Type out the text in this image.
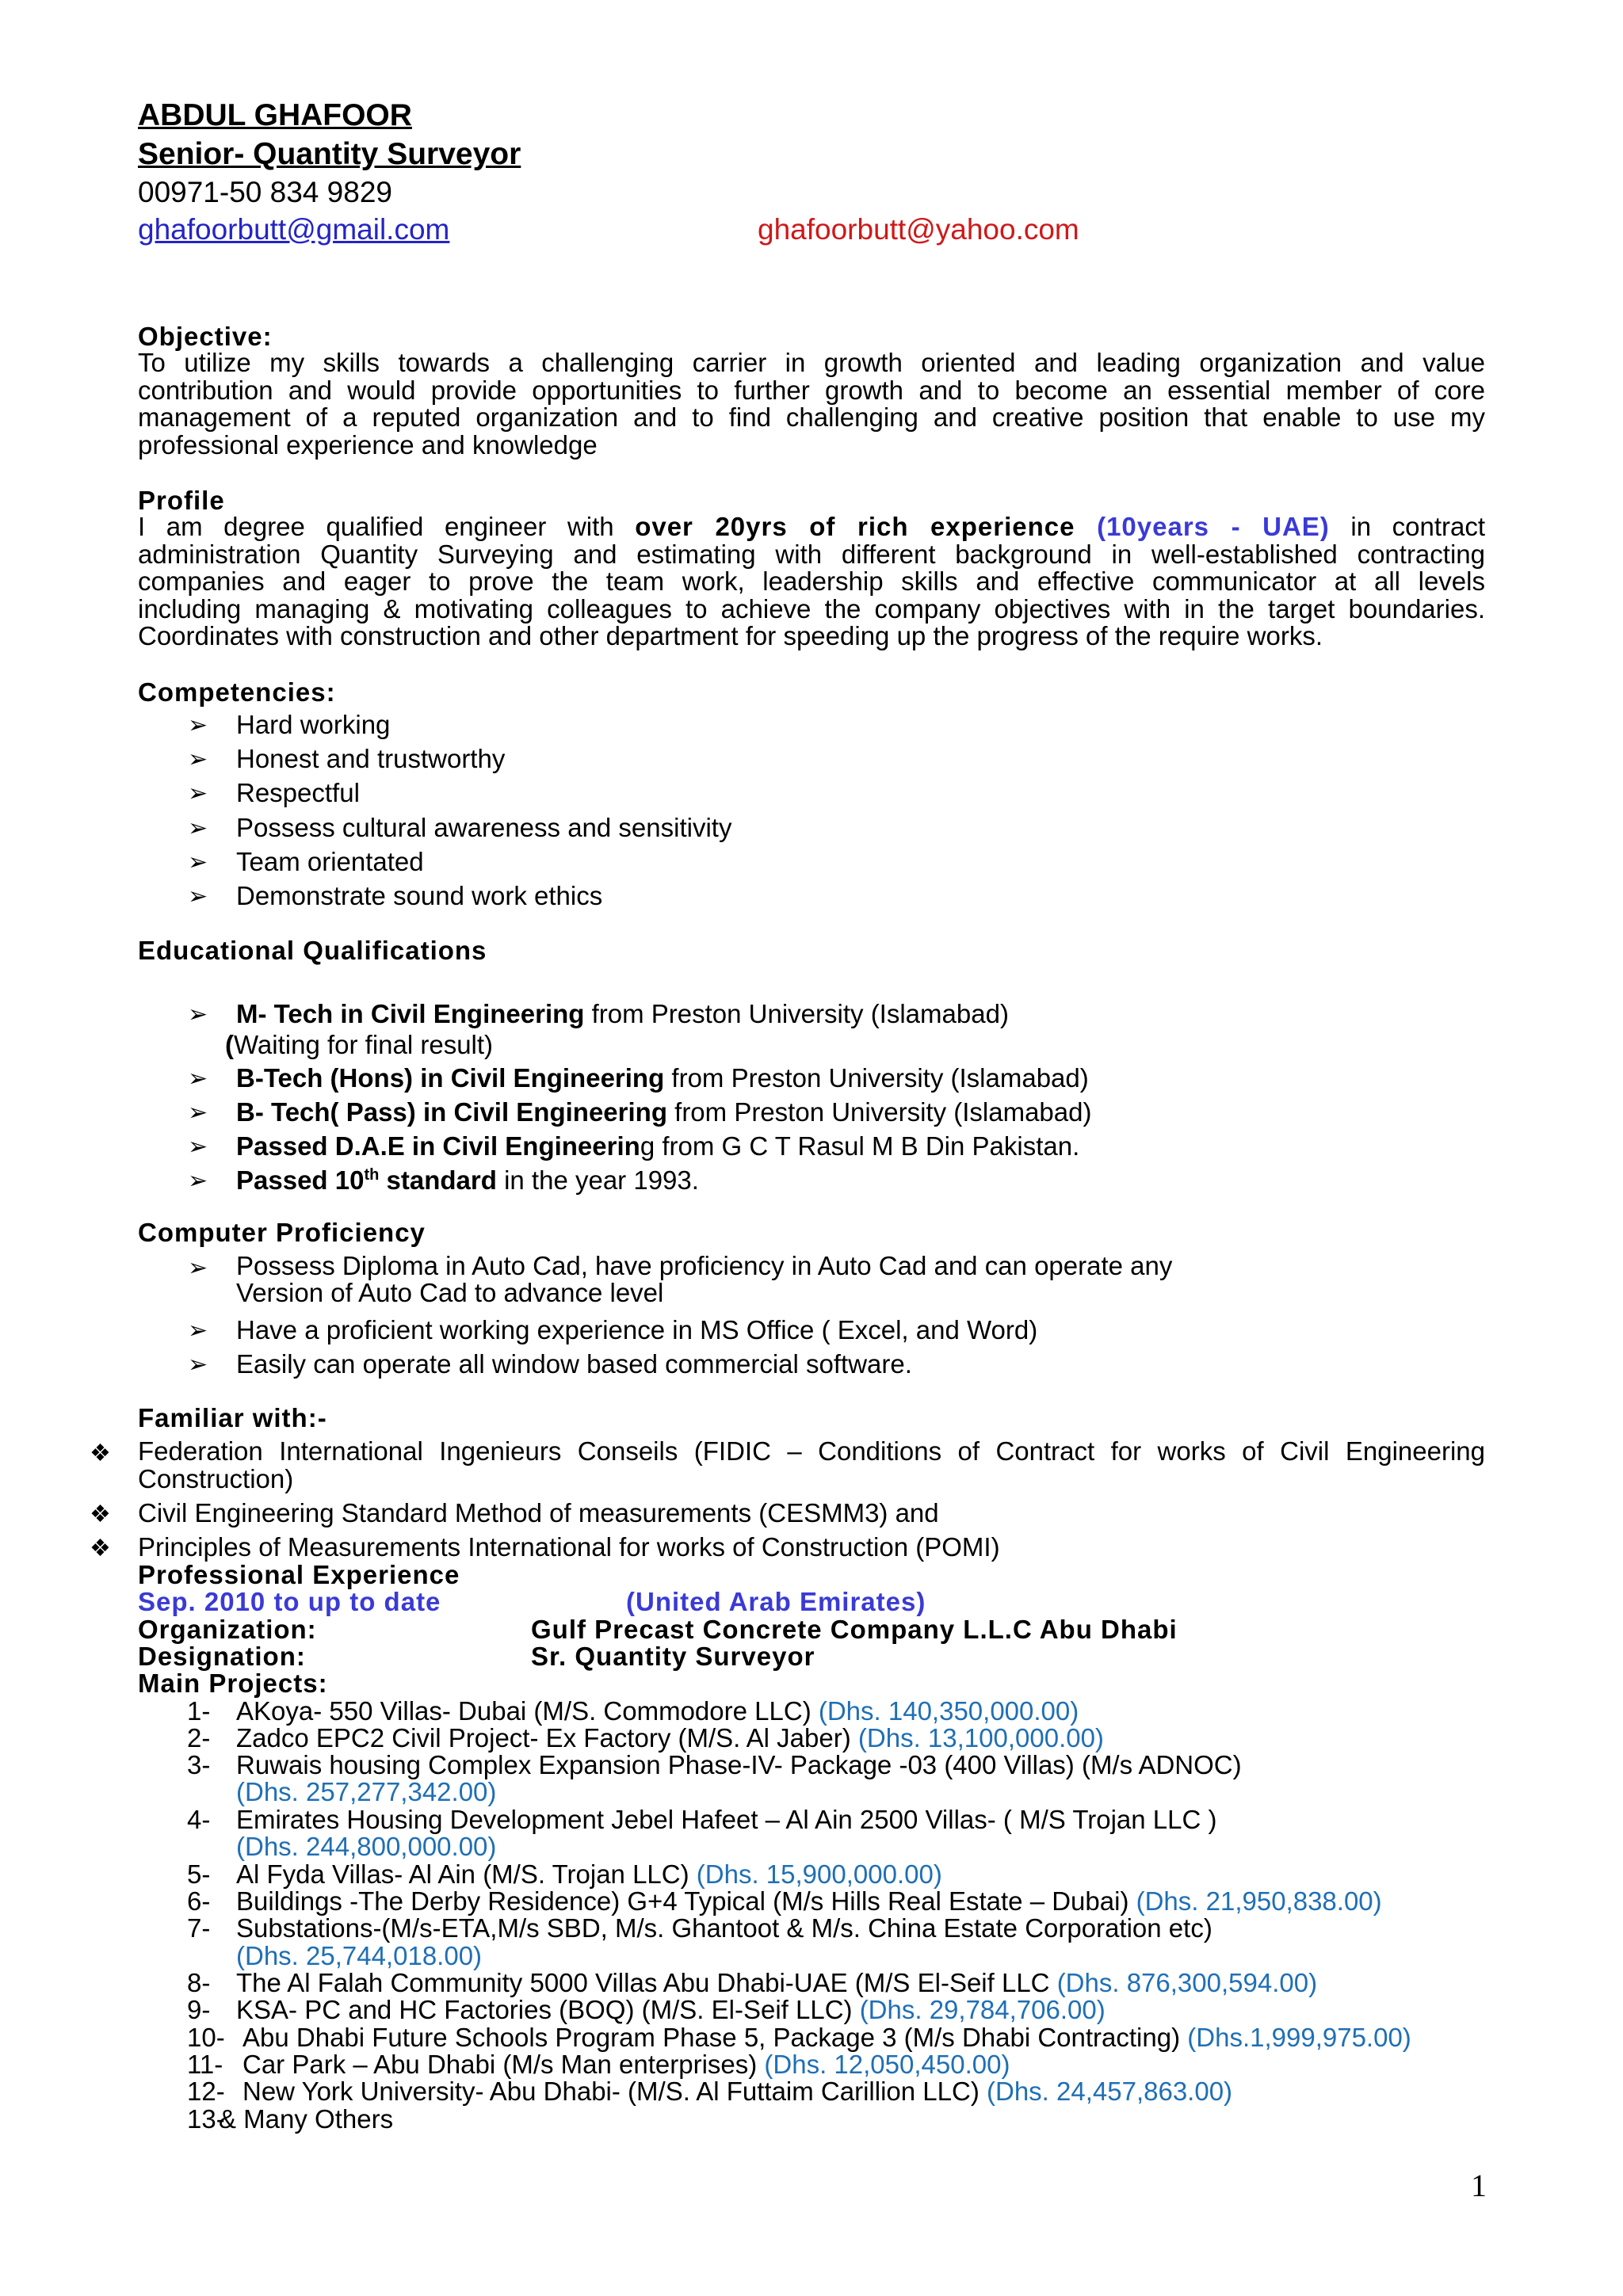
ABDUL GHAFOOR
Senior- Quantity Surveyor
00971-50 834 9829
ghafoorbutt@gmail.com	ghafoorbutt@yahoo.com
Objective:
To utilize my skills towards a challenging carrier in growth oriented and leading organization and value
contribution and would provide opportunities to further growth and to become an essential member of core
management of a reputed organization and to find challenging and creative position that enable to use my
professional experience and knowledge
Profile
I am degree qualified engineer with over 20yrs of rich experience (10years - UAE) in contract
administration Quantity Surveying and estimating with different background in well-established contracting
companies and eager to prove the team work, leadership skills and effective communicator at all levels
including managing & motivating colleagues to achieve the company objectives with in the target boundaries.
Coordinates with construction and other department for speeding up the progress of the require works.
Competencies:
➢ Hard working
➢ Honest and trustworthy
➢ Respectful
➢ Possess cultural awareness and sensitivity
➢ Team orientated
➢ Demonstrate sound work ethics
Educational Qualifications
➢ M- Tech in Civil Engineering from Preston University (Islamabad)
(Waiting for final result)
➢ B-Tech (Hons) in Civil Engineering from Preston University (Islamabad)
➢ B- Tech( Pass) in Civil Engineering from Preston University (Islamabad)
➢ Passed D.A.E in Civil Engineering from G C T Rasul M B Din Pakistan.
➢ Passed 10th standard in the year 1993.
Computer Proficiency
➢ Possess Diploma in Auto Cad, have proficiency in Auto Cad and can operate any
Version of Auto Cad to advance level
➢ Have a proficient working experience in MS Office ( Excel, and Word)
➢ Easily can operate all window based commercial software.
Familiar with:-
❖ Federation International Ingenieurs Conseils (FIDIC – Conditions of Contract for works of Civil Engineering
Construction)
❖ Civil Engineering Standard Method of measurements (CESMM3) and
❖ Principles of Measurements International for works of Construction (POMI)
Professional Experience
Sep. 2010 to up to date	(United Arab Emirates)
Organization:	Gulf Precast Concrete Company L.L.C Abu Dhabi
Designation:	Sr. Quantity Surveyor
Main Projects:
1- AKoya- 550 Villas- Dubai (M/S. Commodore LLC) (Dhs. 140,350,000.00)
2- Zadco EPC2 Civil Project- Ex Factory (M/S. Al Jaber) (Dhs. 13,100,000.00)
3- Ruwais housing Complex Expansion Phase-IV- Package -03 (400 Villas) (M/s ADNOC)
(Dhs. 257,277,342.00)
4- Emirates Housing Development Jebel Hafeet – Al Ain 2500 Villas- ( M/S Trojan LLC )
(Dhs. 244,800,000.00)
5- Al Fyda Villas- Al Ain (M/S. Trojan LLC) (Dhs. 15,900,000.00)
6- Buildings -The Derby Residence) G+4 Typical (M/s Hills Real Estate – Dubai) (Dhs. 21,950,838.00)
7- Substations-(M/s-ETA,M/s SBD, M/s. Ghantoot & M/s. China Estate Corporation etc)
(Dhs. 25,744,018.00)
8- The Al Falah Community 5000 Villas Abu Dhabi-UAE (M/S El-Seif LLC (Dhs. 876,300,594.00)
9- KSA- PC and HC Factories (BOQ) (M/S. El-Seif LLC) (Dhs. 29,784,706.00)
10- Abu Dhabi Future Schools Program Phase 5, Package 3 (M/s Dhabi Contracting) (Dhs.1,999,975.00)
11- Car Park – Abu Dhabi (M/s Man enterprises) (Dhs. 12,050,450.00)
12- New York University- Abu Dhabi- (M/S. Al Futtaim Carillion LLC) (Dhs. 24,457,863.00)
13-
& Many Others
1
